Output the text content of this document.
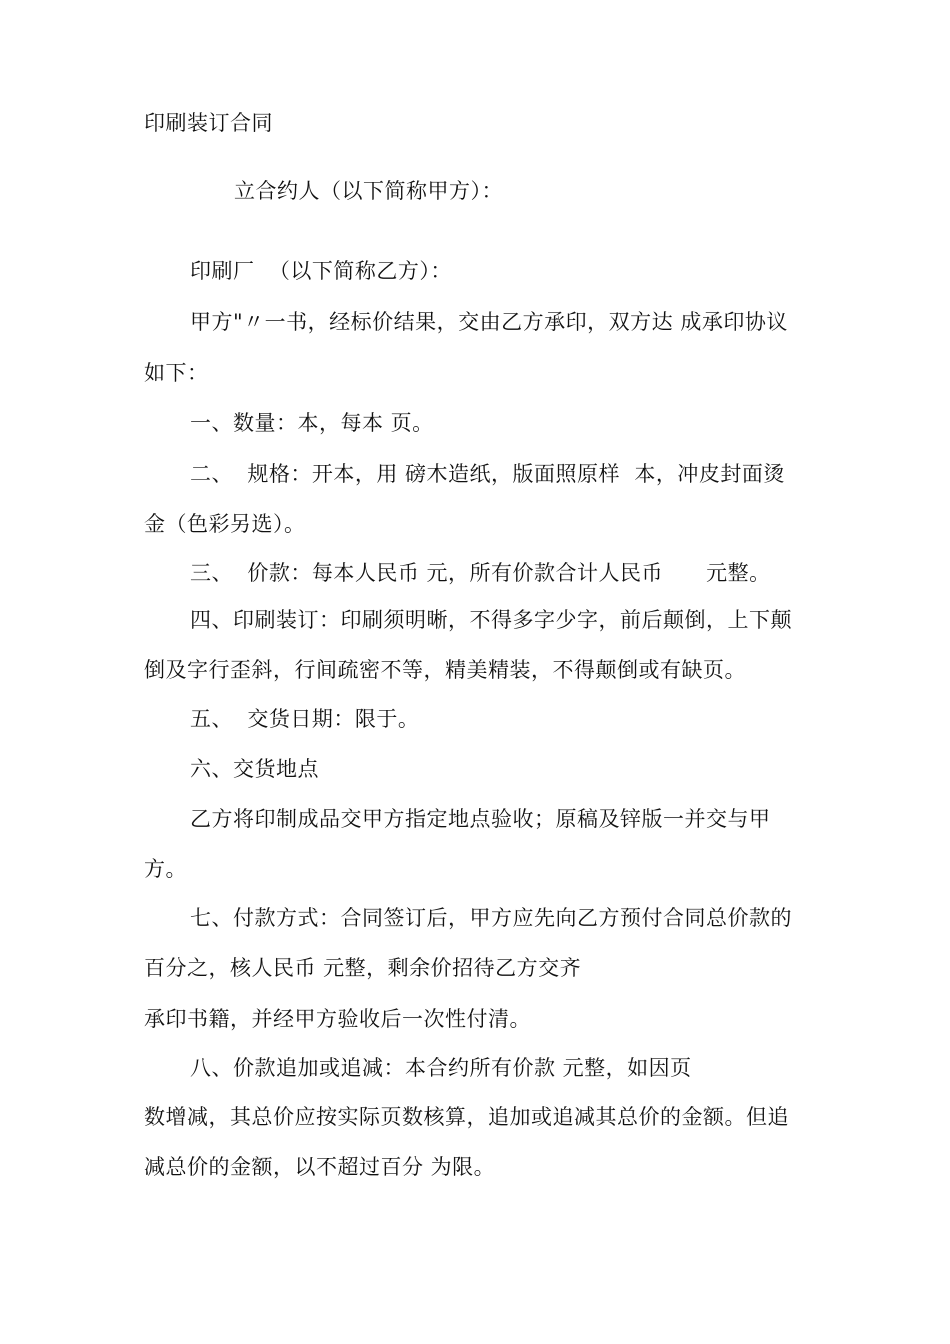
印刷装订合同
立合约人（以下简称甲方）：
印刷厂  （以下简称乙方）：
甲方"〃一书，经标价结果，交由乙方承印，双方达 成承印协议
如下：
一、数量：本，每本 页。
二、  规格：开本，用 磅木造纸，版面照原样  本，冲皮封面烫
金（色彩另选）。
三、  价款：每本人民币 元，所有价款合计人民币      元整。
四、印刷装订：印刷须明晰，不得多字少字，前后颠倒，上下颠
倒及字行歪斜，行间疏密不等，精美精装，不得颠倒或有缺页。
五、  交货日期：限于。
六、交货地点
乙方将印制成品交甲方指定地点验收；原稿及锌版一并交与甲
方。
七、付款方式：合同签订后，甲方应先向乙方预付合同总价款的
百分之，核人民币 元整，剩余价招待乙方交齐
承印书籍，并经甲方验收后一次性付清。
八、价款追加或追减：本合约所有价款 元整，如因页
数增减，其总价应按实际页数核算，追加或追减其总价的金额。但追
减总价的金额，以不超过百分 为限。
